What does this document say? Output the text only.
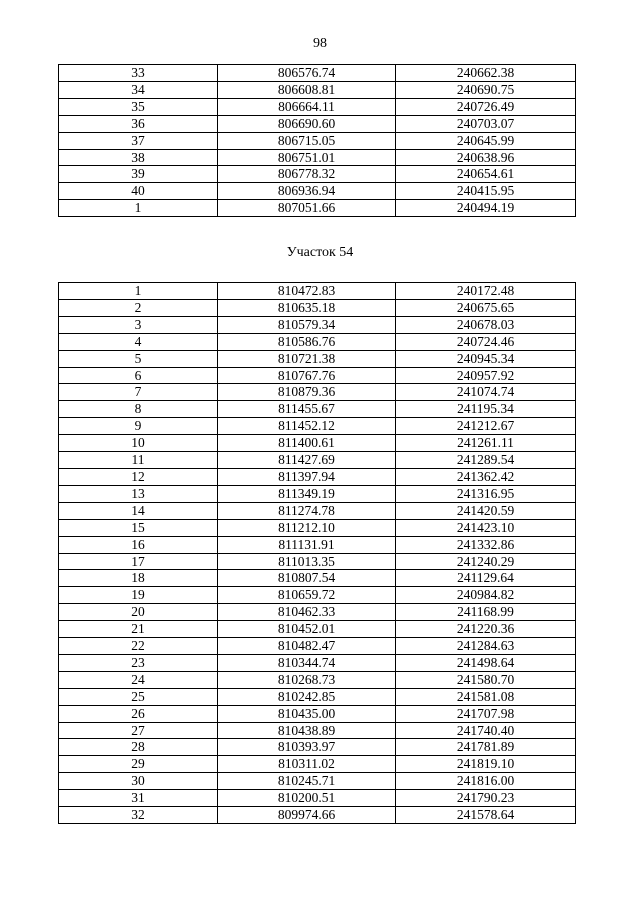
98
33	806576.74	240662.38
34	806608.81	240690.75
35	806664.11	240726.49
36	806690.60	240703.07
37	806715.05	240645.99
38	806751.01	240638.96
39	806778.32	240654.61
40	806936.94	240415.95
1	807051.66	240494.19
Участок 54
1	810472.83	240172.48
2	810635.18	240675.65
3	810579.34	240678.03
4	810586.76	240724.46
5	810721.38	240945.34
6	810767.76	240957.92
7	810879.36	241074.74
8	811455.67	241195.34
9	811452.12	241212.67
10	811400.61	241261.11
11	811427.69	241289.54
12	811397.94	241362.42
13	811349.19	241316.95
14	811274.78	241420.59
15	811212.10	241423.10
16	811131.91	241332.86
17	811013.35	241240.29
18	810807.54	241129.64
19	810659.72	240984.82
20	810462.33	241168.99
21	810452.01	241220.36
22	810482.47	241284.63
23	810344.74	241498.64
24	810268.73	241580.70
25	810242.85	241581.08
26	810435.00	241707.98
27	810438.89	241740.40
28	810393.97	241781.89
29	810311.02	241819.10
30	810245.71	241816.00
31	810200.51	241790.23
32	809974.66	241578.64
